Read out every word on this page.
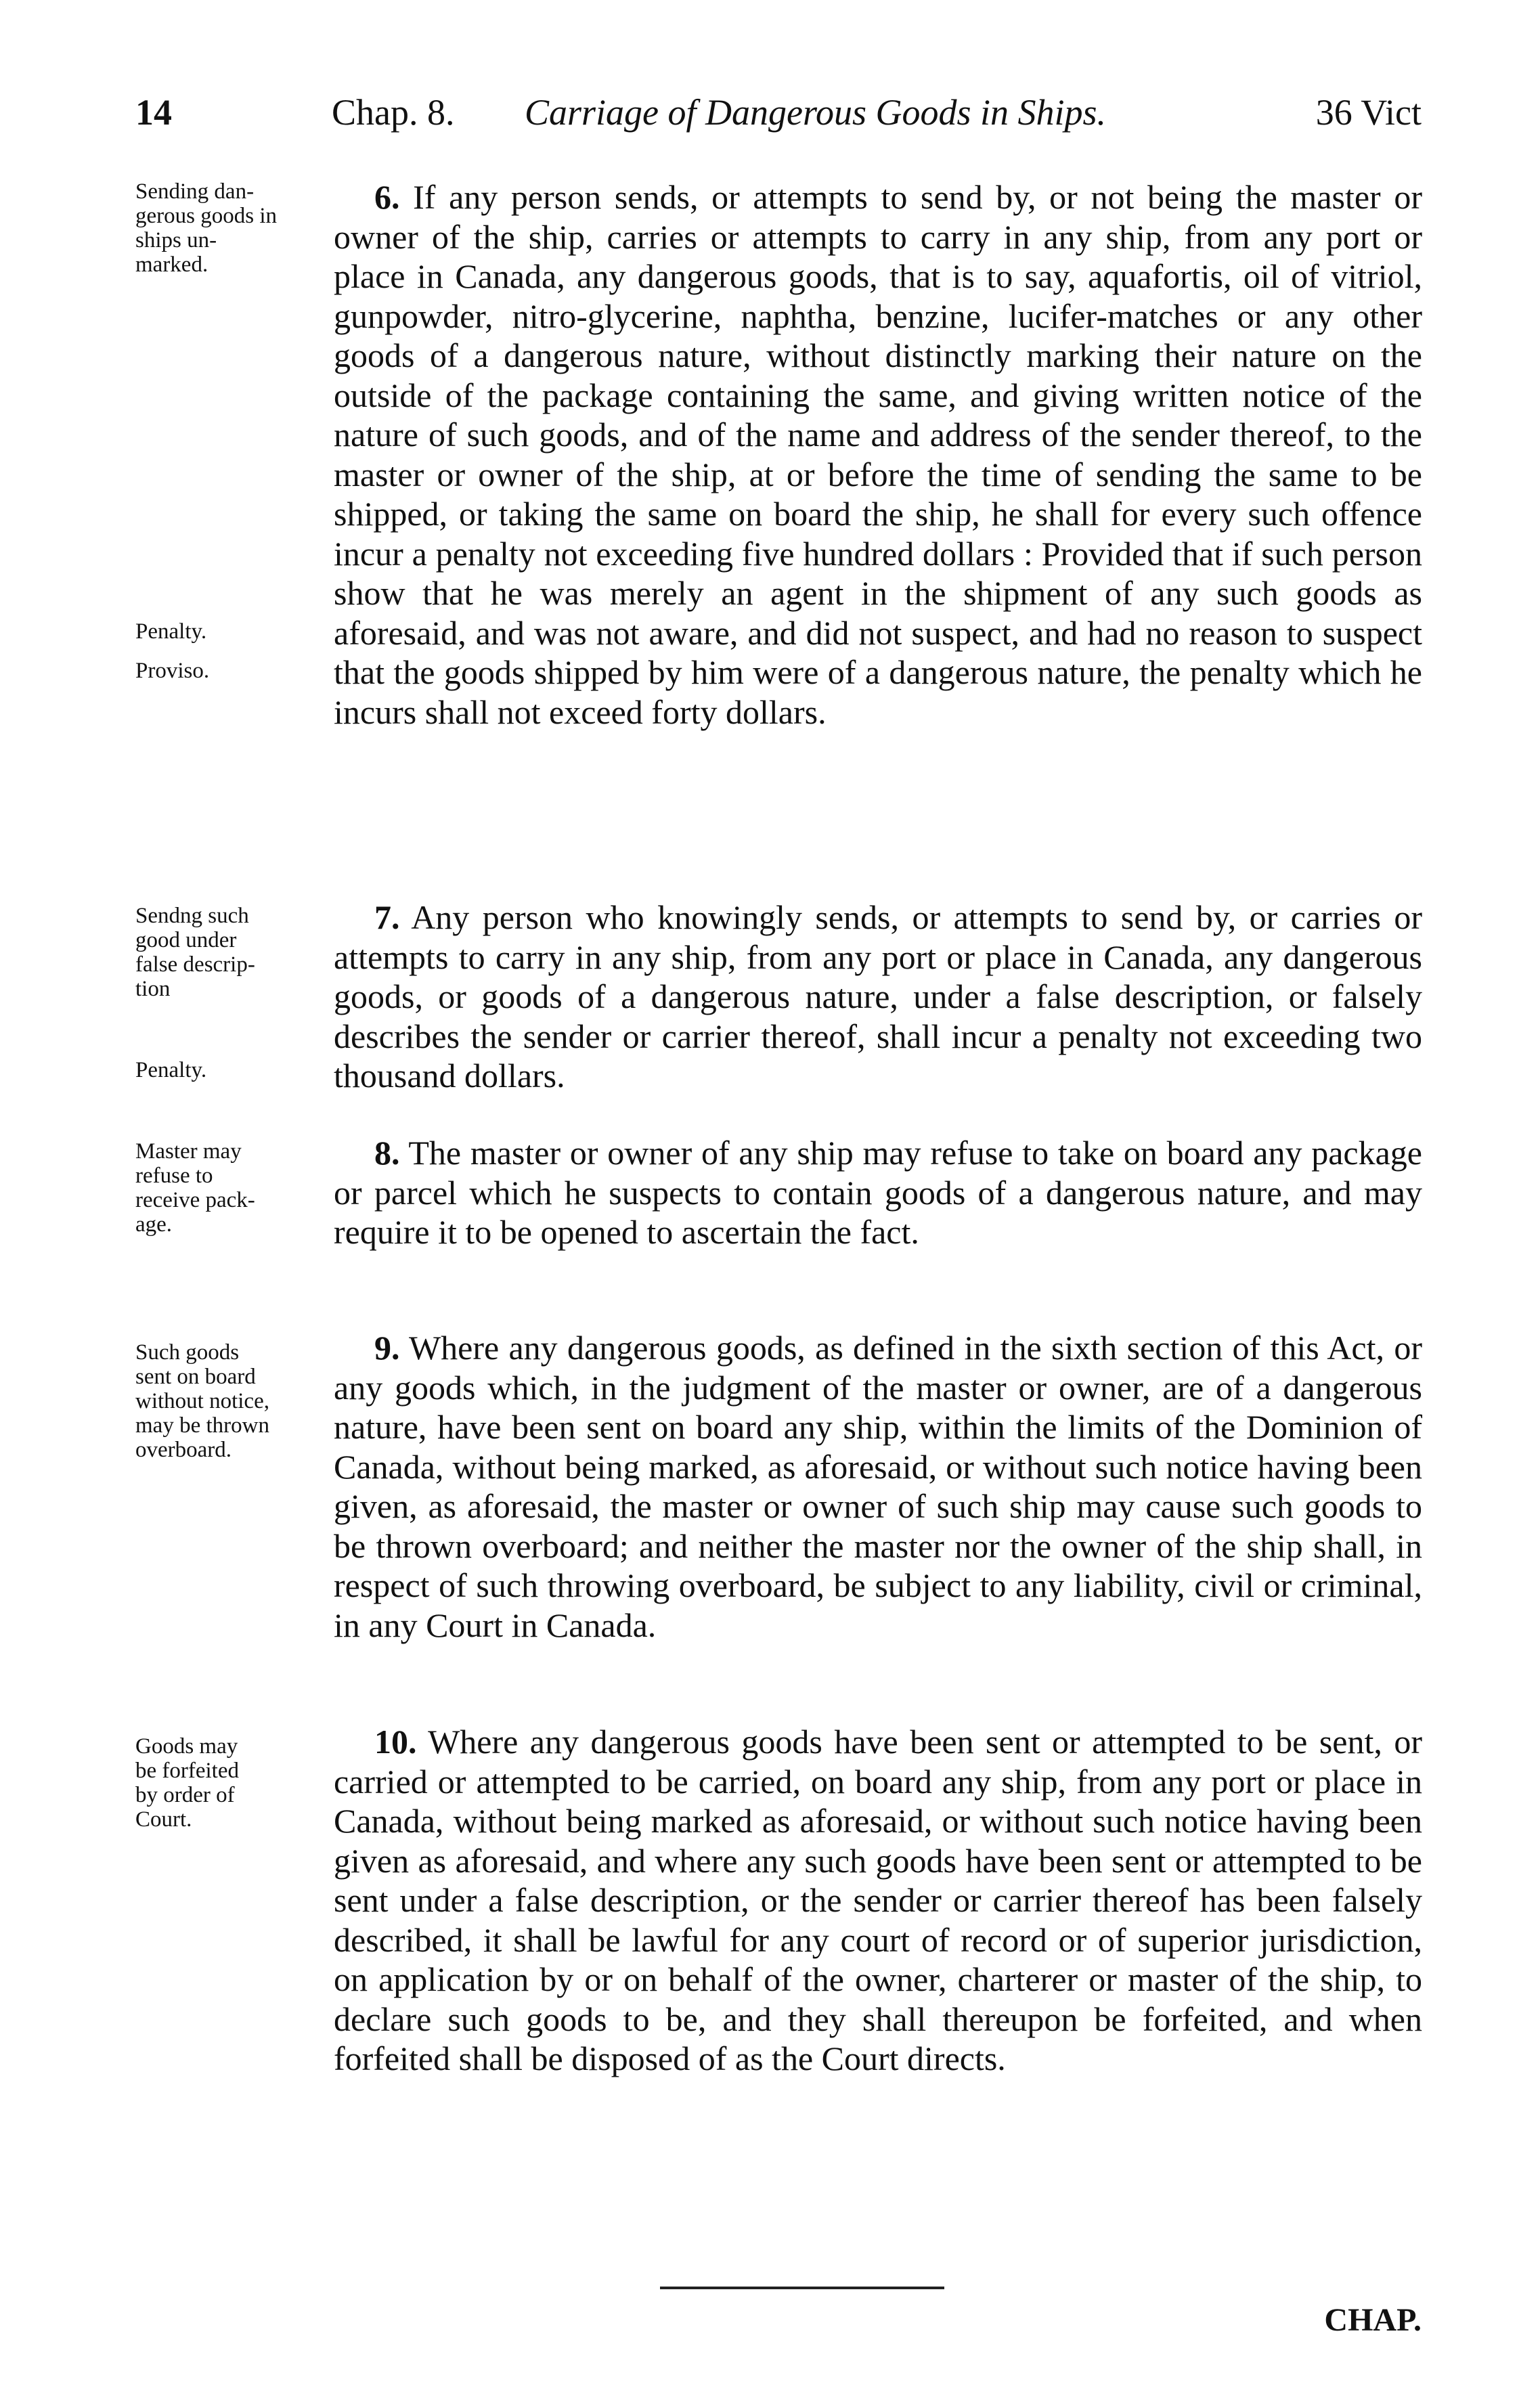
14	Chap. 8. Carriage of Dangerous Goods in Ships.	36 Vict
Sending dan-
gerous goods in
ships un-
marked.
Penalty.
Proviso.

6. If any person sends, or attempts to send by, or not being the master or owner of the ship, carries or attempts to carry in any ship, from any port or place in Canada, any dangerous goods, that is to say, aquafortis, oil of vitriol, gunpowder, nitro-glycerine, naphtha, benzine, lucifer-matches or any other goods of a dangerous nature, without distinctly marking their nature on the outside of the package containing the same, and giving written notice of the nature of such goods, and of the name and address of the sender thereof, to the master or owner of the ship, at or before the time of sending the same to be shipped, or taking the same on board the ship, he shall for every such offence incur a penalty not exceeding five hundred dollars : Provided that if such person show that he was merely an agent in the shipment of any such goods as aforesaid, and was not aware, and did not suspect, and had no reason to suspect that the goods shipped by him were of a dangerous nature, the penalty which he incurs shall not exceed forty dollars.

Sendng such
good under
false descrip-
tion
Penalty.

7. Any person who knowingly sends, or attempts to send by, or carries or attempts to carry in any ship, from any port or place in Canada, any dangerous goods, or goods of a dangerous nature, under a false description, or falsely describes the sender or carrier thereof, shall incur a penalty not exceeding two thousand dollars.

Master may
refuse to
receive pack-
age.

8. The master or owner of any ship may refuse to take on board any package or parcel which he suspects to contain goods of a dangerous nature, and may require it to be opened to ascertain the fact.

Such goods
sent on board
without notice,
may be thrown
overboard.

9. Where any dangerous goods, as defined in the sixth section of this Act, or any goods which, in the judgment of the master or owner, are of a dangerous nature, have been sent on board any ship, within the limits of the Dominion of Canada, without being marked, as aforesaid, or without such notice having been given, as aforesaid, the master or owner of such ship may cause such goods to be thrown overboard; and neither the master nor the owner of the ship shall, in respect of such throwing overboard, be subject to any liability, civil or criminal, in any Court in Canada.

Goods may
be forfeited
by order of
Court.

10. Where any dangerous goods have been sent or attempted to be sent, or carried or attempted to be carried, on board any ship, from any port or place in Canada, without being marked as aforesaid, or without such notice having been given as aforesaid, and where any such goods have been sent or attempted to be sent under a false description, or the sender or carrier thereof has been falsely described, it shall be lawful for any court of record or of superior jurisdiction, on application by or on behalf of the owner, charterer or master of the ship, to declare such goods to be, and they shall thereupon be forfeited, and when forfeited shall be disposed of as the Court directs.

CHAP.
